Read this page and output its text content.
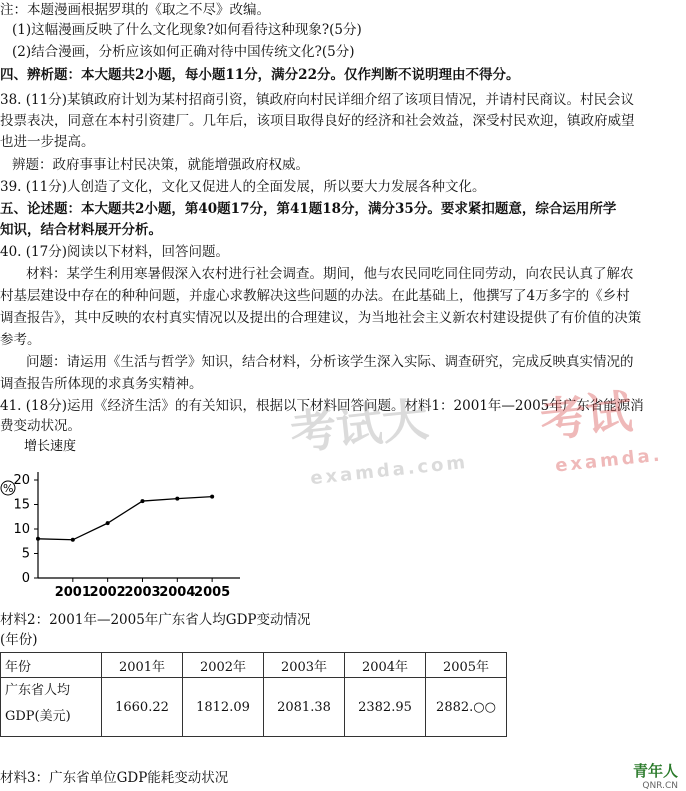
注：本题漫画根据罗琪的《取之不尽》改编。
(1)这幅漫画反映了什么文化现象?如何看待这种现象?(5分)
(2)结合漫画，分析应该如何正确对待中国传统文化?(5分)
四、辨析题：本大题共2小题，每小题11分，满分22分。仅作判断不说明理由不得分。
38. (11分)某镇政府计划为某村招商引资，镇政府向村民详细介绍了该项目情况，并请村民商议。村民会议
投票表决，同意在本村引资建厂。几年后，该项目取得良好的经济和社会效益，深受村民欢迎，镇政府威望
也进一步提高。
辨题：政府事事让村民决策，就能增强政府权威。
39. (11分)人创造了文化，文化又促进人的全面发展，所以要大力发展各种文化。
五、论述题：本大题共2小题，第40题17分，第41题18分，满分35分。要求紧扣题意，综合运用所学
知识，结合材料展开分析。
40. (17分)阅读以下材料，回答问题。
材料：某学生利用寒暑假深入农村进行社会调查。期间，他与农民同吃同住同劳动，向农民认真了解农
村基层建设中存在的种种问题，并虚心求教解决这些问题的办法。在此基础上，他撰写了4万多字的《乡村
调查报告》，其中反映的农村真实情况以及提出的合理建议，为当地社会主义新农村建设提供了有价值的决策
参考。
问题：请运用《生活与哲学》知识，结合材料，分析该学生深入实际、调查研究，完成反映真实情况的
调查报告所体现的求真务实精神。
41. (18分)运用《经济生活》的有关知识，根据以下材料回答问题。材料1：2001年—2005年广东省能源消
费变动状况。	考试大
examda.com
考试
examda.
增长速度
%
0
5
10
15
20
2001
2002
2003
2004
2005
材料2：2001年—2005年广东省人均GDP变动情况
(年份)
年份	2001年	2002年	2003年	2004年	2005年

广东省人均
GDP(美元)	1660.22	1812.09	2081.38	2382.95	2882.○○
材料3：广东省单位GDP能耗变动状况	青年人
QNR.CN
